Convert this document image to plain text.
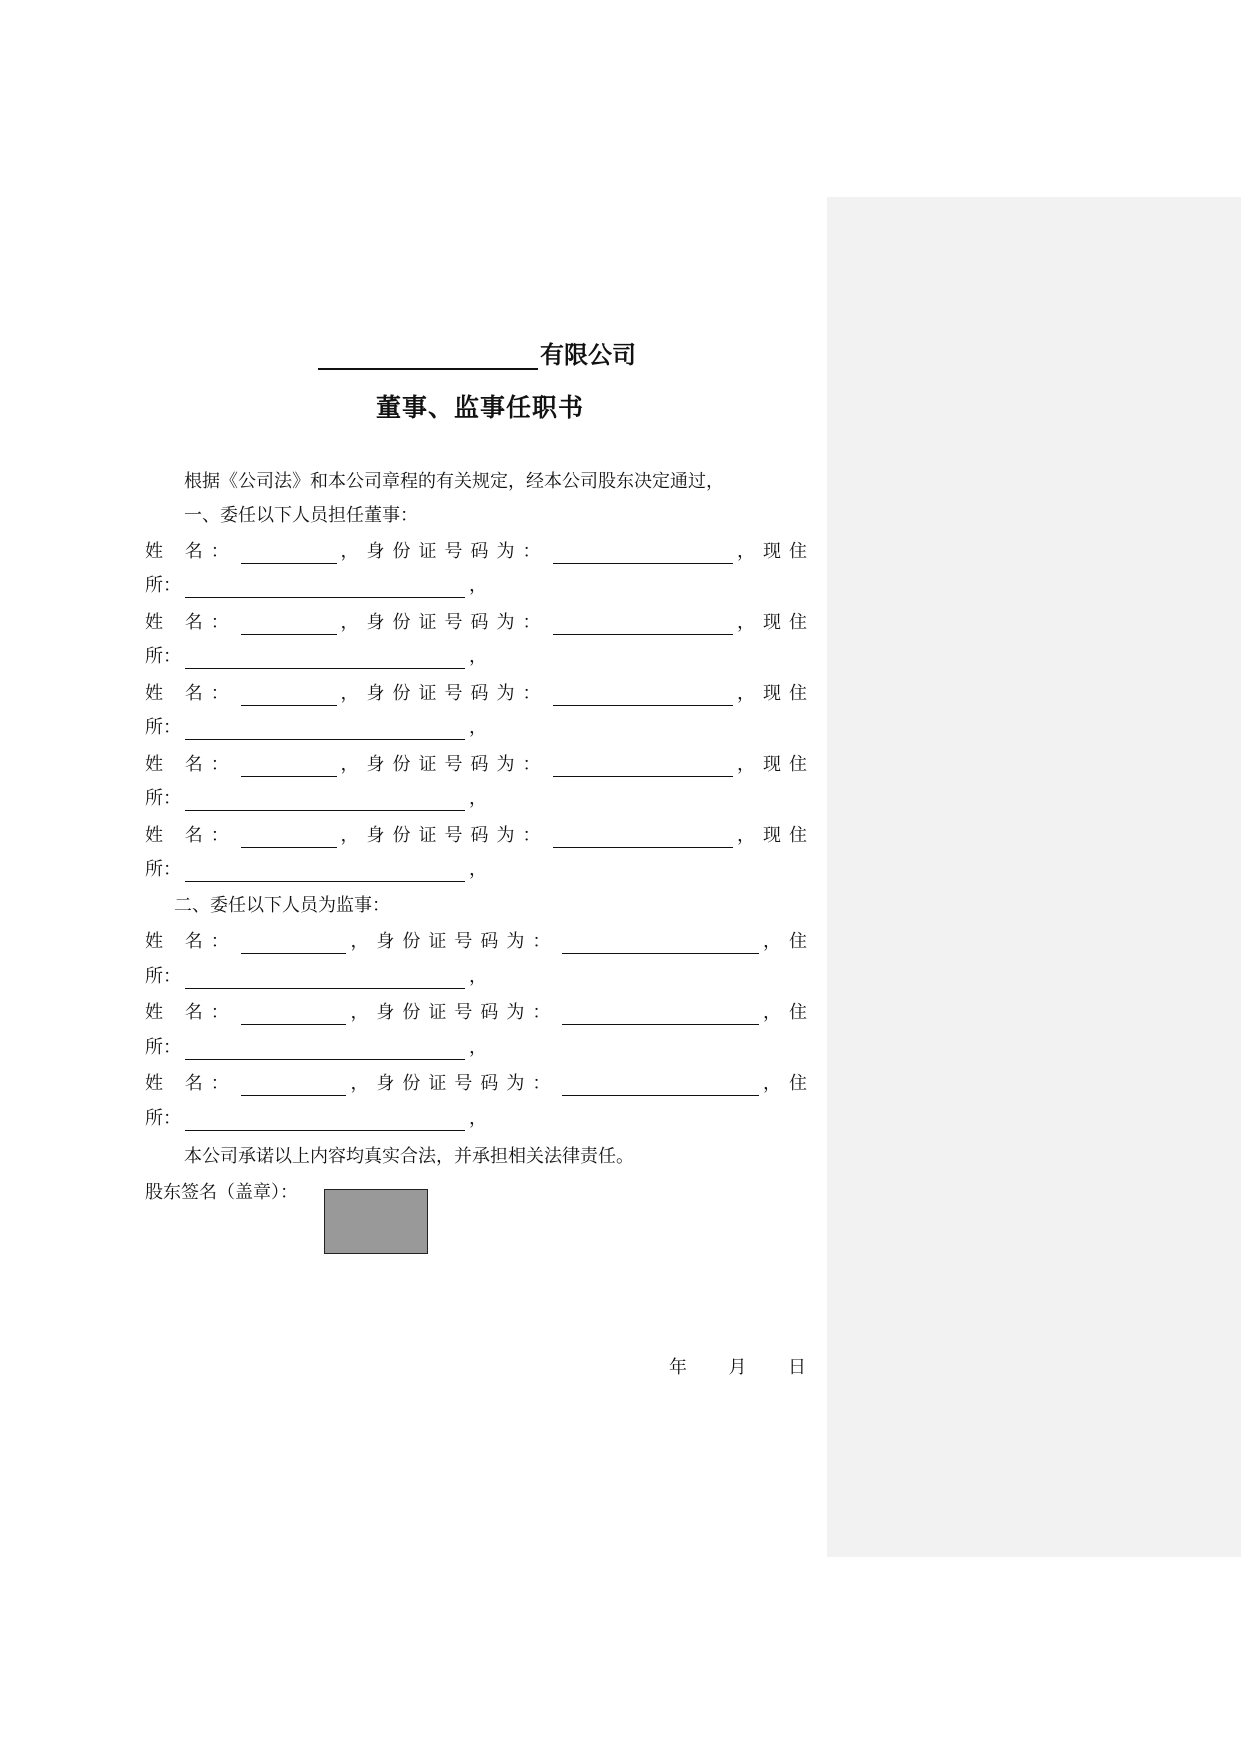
有限公司
董事、监事任职书
根据《公司法》和本公司章程的有关规定，经本公司股东决定通过，
一、委任以下人员担任董事：
姓 名：	，身份证号码为：	，现住
所：	，
姓 名：	，身份证号码为：	，现住
所：	，
姓 名：	，身份证号码为：	，现住
所：	，
姓 名：	，身份证号码为：	，现住
所：	，
姓 名：	，身份证号码为：	，现住
所：	，
二、委任以下人员为监事：
姓 名：	，身份证号码为：	，住
所：	，
姓 名：	，身份证号码为：	，住
所：	，
姓 名：	，身份证号码为：	，住
所：	，
本公司承诺以上内容均真实合法，并承担相关法律责任。
股东签名（盖章）：
年 月 日
